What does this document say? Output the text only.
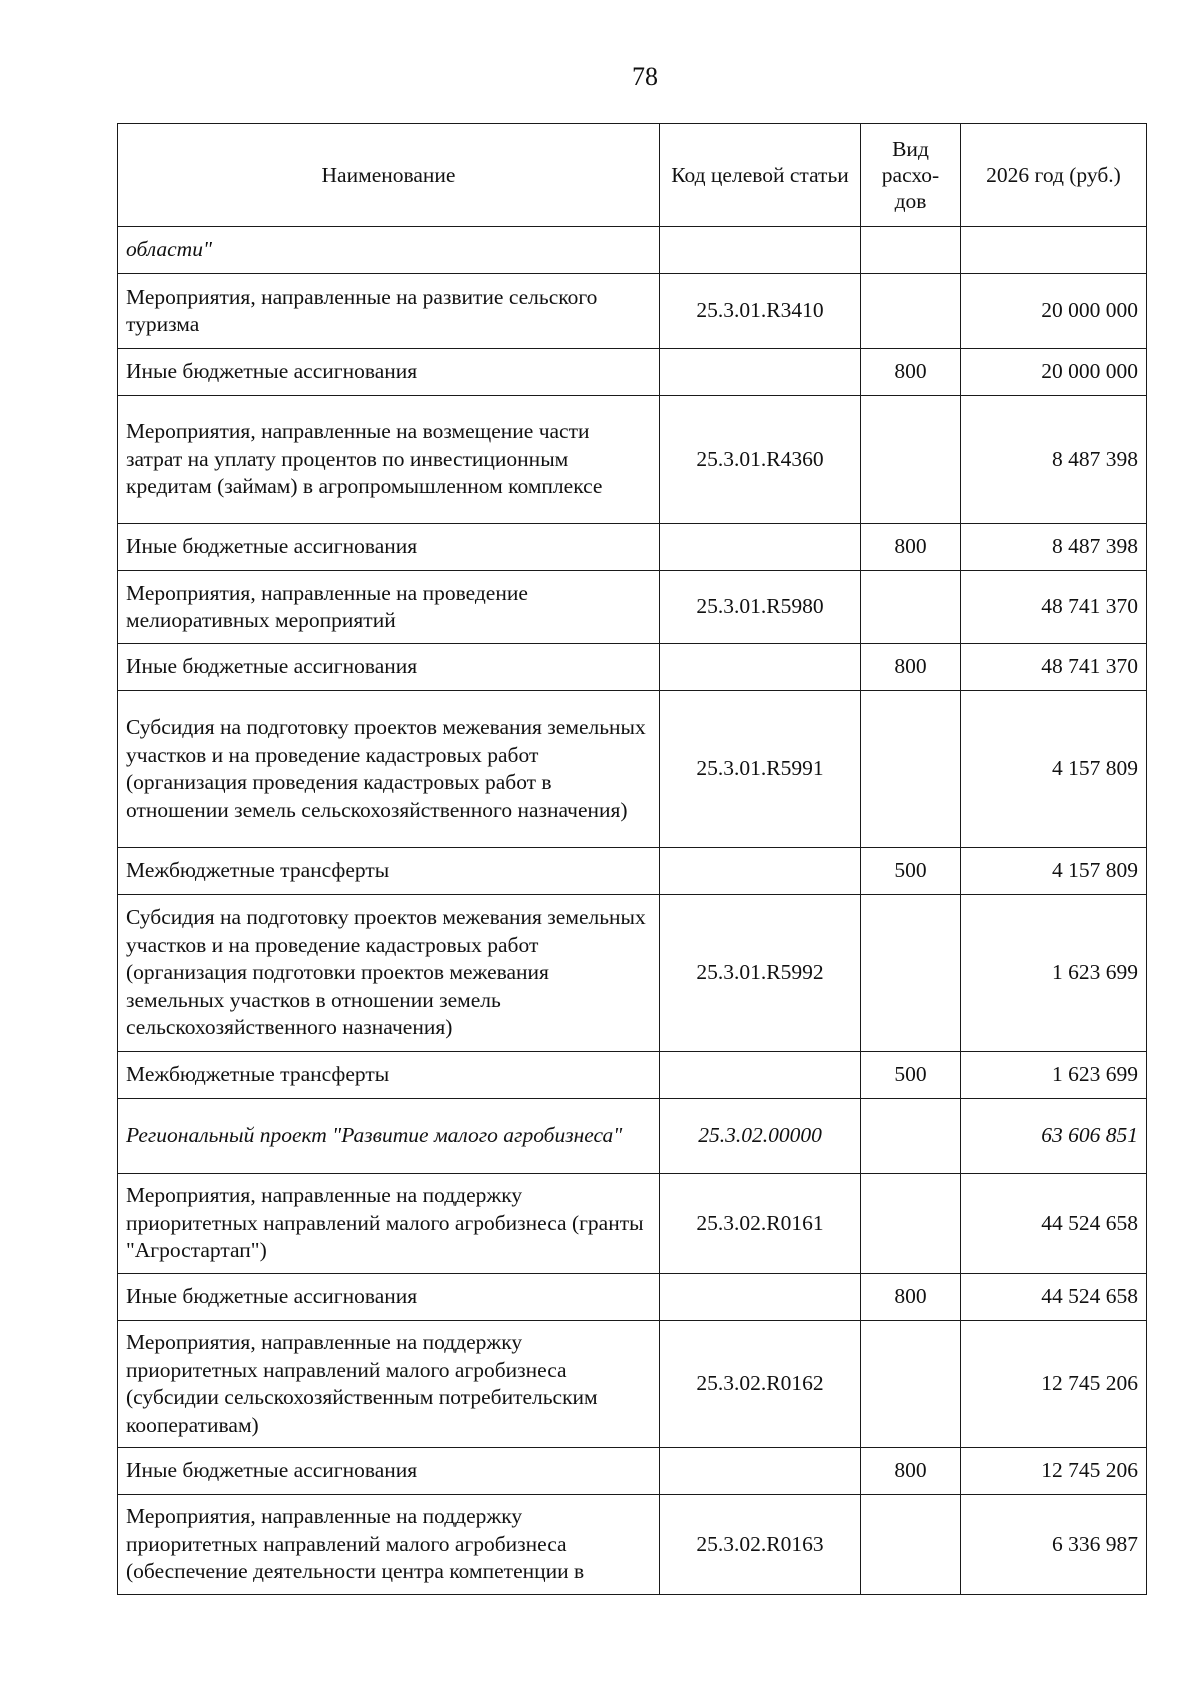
78
Наименование	Код целевой статьи	Вид расхо- дов	2026 год (руб.)
области"			
Мероприятия, направленные на развитие сельского туризма	25.3.01.R3410		20 000 000
Иные бюджетные ассигнования		800	20 000 000
Мероприятия, направленные на возмещение части затрат на уплату процентов по инвестиционным кредитам (займам) в агропромышленном комплексе	25.3.01.R4360		8 487 398
Иные бюджетные ассигнования		800	8 487 398
Мероприятия, направленные на проведение мелиоративных мероприятий	25.3.01.R5980		48 741 370
Иные бюджетные ассигнования		800	48 741 370
Субсидия на подготовку проектов межевания земельных участков и на проведение кадастровых работ (организация проведения кадастровых работ в отношении земель сельскохозяйственного назначения)	25.3.01.R5991		4 157 809
Межбюджетные трансферты		500	4 157 809
Субсидия на подготовку проектов межевания земельных участков и на проведение кадастровых работ (организация подготовки проектов межевания земельных участков в отношении земель сельскохозяйственного назначения)	25.3.01.R5992		1 623 699
Межбюджетные трансферты		500	1 623 699
Региональный проект "Развитие малого агробизнеса"	25.3.02.00000		63 606 851
Мероприятия, направленные на поддержку приоритетных направлений малого агробизнеса (гранты "Агростартап")	25.3.02.R0161		44 524 658
Иные бюджетные ассигнования		800	44 524 658
Мероприятия, направленные на поддержку приоритетных направлений малого агробизнеса (субсидии сельскохозяйственным потребительским кооперативам)	25.3.02.R0162		12 745 206
Иные бюджетные ассигнования		800	12 745 206
Мероприятия, направленные на поддержку приоритетных направлений малого агробизнеса (обеспечение деятельности центра компетенции в	25.3.02.R0163		6 336 987
